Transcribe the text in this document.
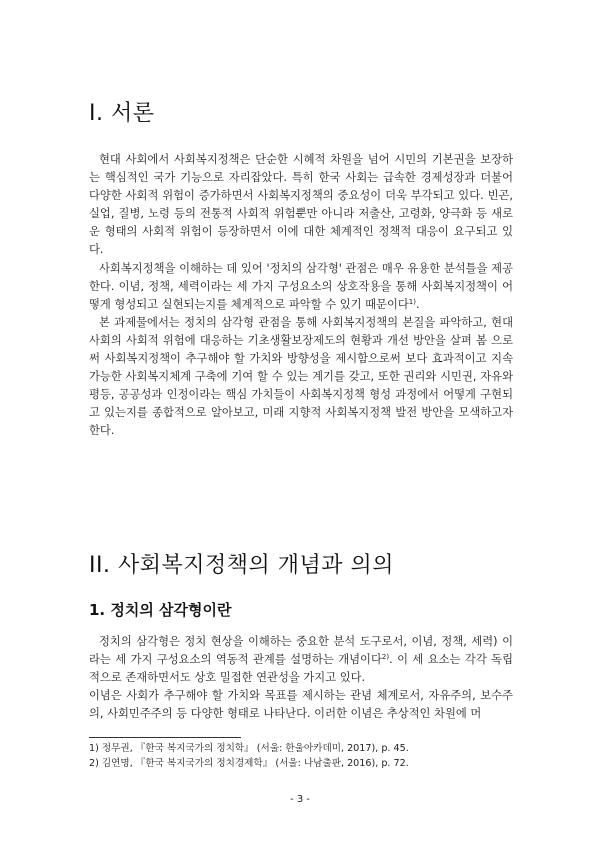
I. 서론

현대 사회에서 사회복지정책은 단순한 시혜적 차원을 넘어 시민의 기본권을 보장하는 핵심적인 국가 기능으로 자리잡았다. 특히 한국 사회는 급속한 경제성장과 더불어 다양한 사회적 위험이 증가하면서 사회복지정책의 중요성이 더욱 부각되고 있다. 빈곤, 실업, 질병, 노령 등의 전통적 사회적 위험뿐만 아니라 저출산, 고령화, 양극화 등 새로운 형태의 사회적 위험이 등장하면서 이에 대한 체계적인 정책적 대응이 요구되고 있다.

사회복지정책을 이해하는 데 있어 '정치의 삼각형' 관점은 매우 유용한 분석틀을 제공한다. 이념, 정책, 세력이라는 세 가지 구성요소의 상호작용을 통해 사회복지정책이 어떻게 형성되고 실현되는지를 체계적으로 파악할 수 있기 때문이다$^{1)}$.

본 과제물에서는 정치의 삼각형 관점을 통해 사회복지정책의 본질을 파악하고, 현대 사회의 사회적 위험에 대응하는 기초생활보장제도의 현황과 개선 방안을 살펴 봄 으로써 사회복지정책이 추구해야 할 가치와 방향성을 제시함으로써 보다 효과적이고 지속가능한 사회복지체계 구축에 기여 할 수 있는 계기를 갖고, 또한 권리와 시민권, 자유와 평등, 공공성과 인정이라는 핵심 가치들이 사회복지정책 형성 과정에서 어떻게 구현되고 있는지를 종합적으로 알아보고, 미래 지향적 사회복지정책 발전 방안을 모색하고자 한다.

II. 사회복지정책의 개념과 의의
1. 정치의 삼각형이란

정치의 삼각형은 정치 현상을 이해하는 중요한 분석 도구로서, 이념, 정책, 세력) 이라는 세 가지 구성요소의 역동적 관계를 설명하는 개념이다$^{2)}$. 이 세 요소는 각각 독립적으로 존재하면서도 상호 밀접한 연관성을 가지고 있다.

이념은 사회가 추구해야 할 가치와 목표를 제시하는 관념 체계로서, 자유주의, 보수주의, 사회민주주의 등 다양한 형태로 나타난다. 이러한 이념은 추상적인 차원에 머

1) 정무권, 『한국 복지국가의 정치학』 (서울: 한울아카데미, 2017), p. 45.

2) 김연명, 『한국 복지국가의 정치경제학』 (서울: 나남출판, 2016), p. 72.

- 3 -
